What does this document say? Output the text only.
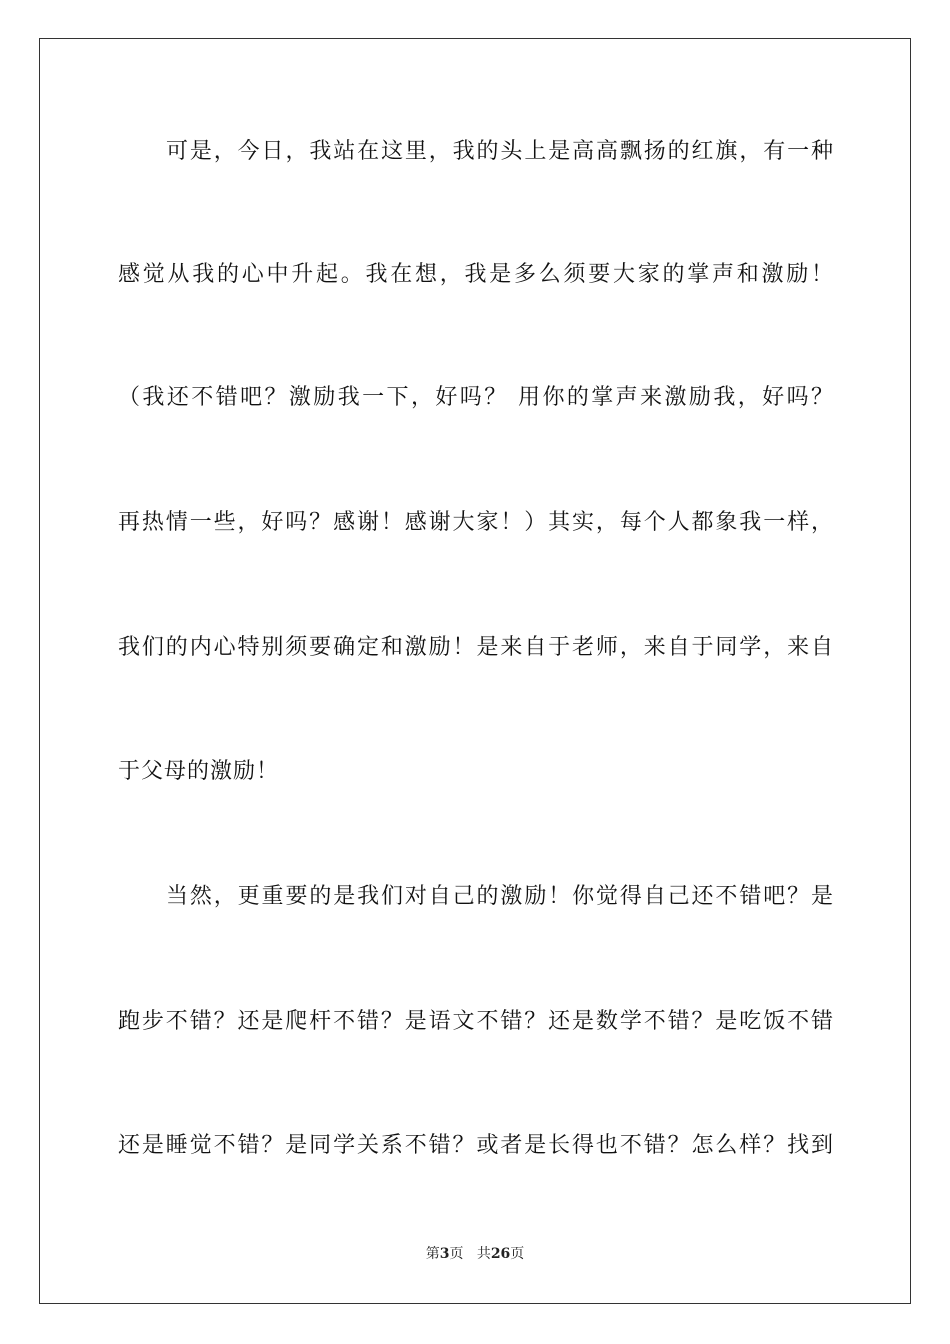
可是，今日，我站在这里，我的头上是高高飘扬的红旗，有一种
感觉从我的心中升起。我在想，我是多么须要大家的掌声和激励！
（我还不错吧？激励我一下，好吗？ 用你的掌声来激励我，好吗？
再热情一些，好吗？感谢！感谢大家！）其实，每个人都象我一样，
我们的内心特别须要确定和激励！是来自于老师，来自于同学，来自
于父母的激励！
当然，更重要的是我们对自己的激励！你觉得自己还不错吧？是
跑步不错？还是爬杆不错？是语文不错？还是数学不错？是吃饭不错
还是睡觉不错？是同学关系不错？或者是长得也不错？怎么样？找到
第3页 共26页
